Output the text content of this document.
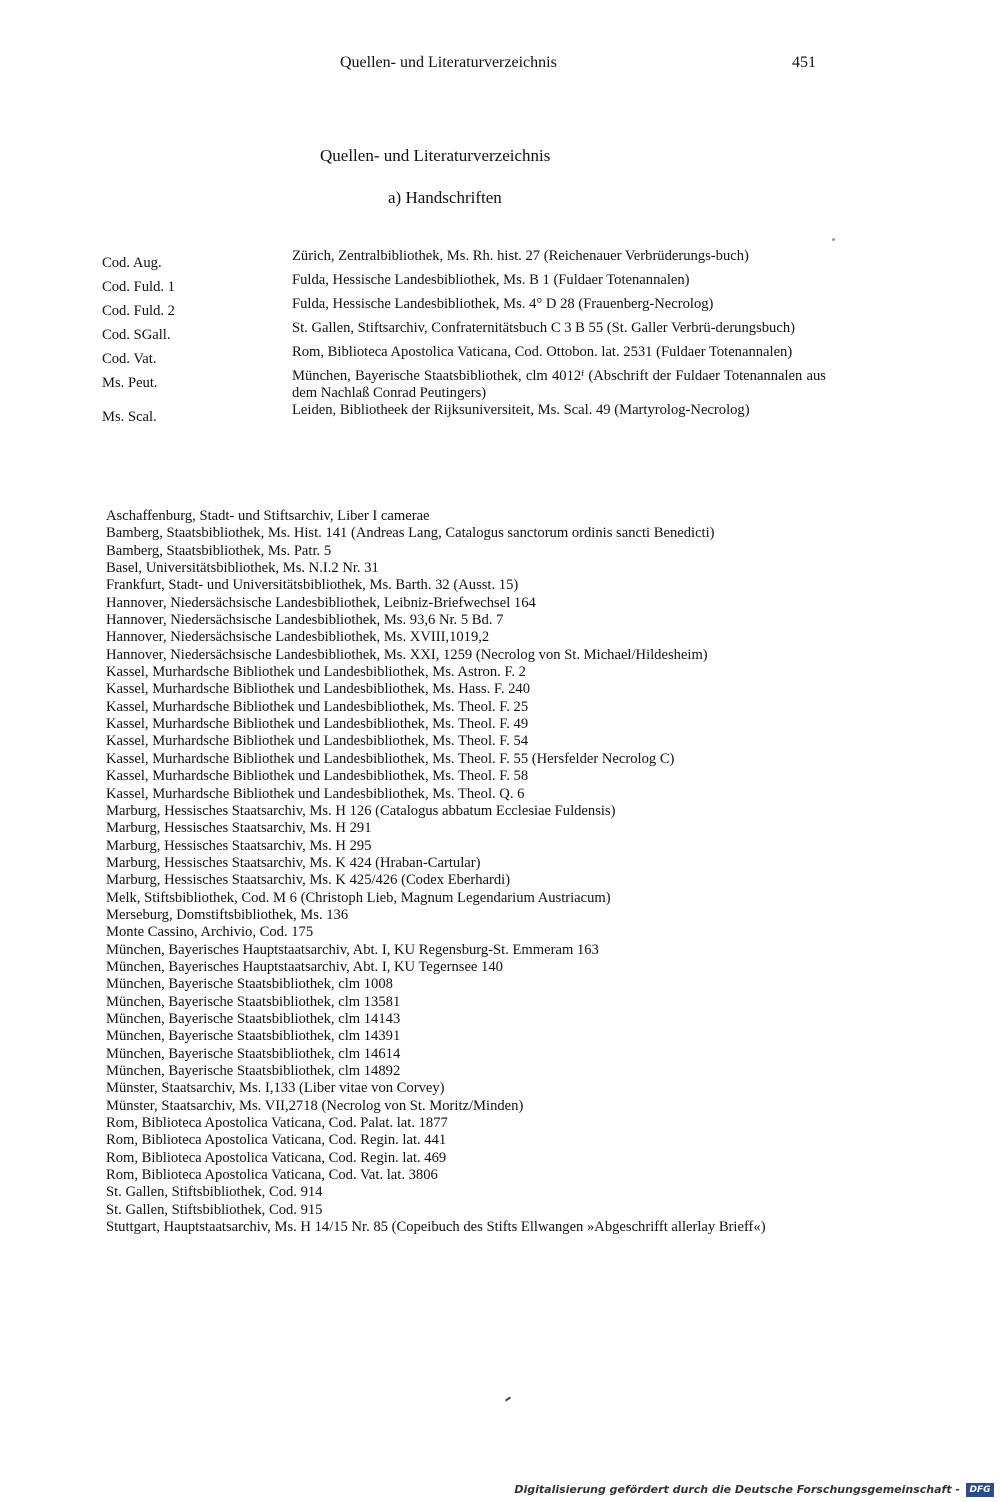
Quellen- und Literaturverzeichnis	451
Quellen- und Literaturverzeichnis
a) Handschriften
Cod. Aug.	Zürich, Zentralbibliothek, Ms. Rh. hist. 27 (Reichenauer Verbrüderungs-buch)
Cod. Fuld. 1	Fulda, Hessische Landesbibliothek, Ms. B 1 (Fuldaer Totenannalen)
Cod. Fuld. 2	Fulda, Hessische Landesbibliothek, Ms. 4° D 28 (Frauenberg-Necrolog)
Cod. SGall.	St. Gallen, Stiftsarchiv, Confraternitätsbuch C 3 B 55 (St. Galler Verbrü-derungsbuch)
Cod. Vat.	Rom, Biblioteca Apostolica Vaticana, Cod. Ottobon. lat. 2531 (Fuldaer Totenannalen)
Ms. Peut.	München, Bayerische Staatsbibliothek, clm 4012ᶠ (Abschrift der Fuldaer Totenannalen aus dem Nachlaß Conrad Peutingers)
Ms. Scal.	Leiden, Bibliotheek der Rijksuniversiteit, Ms. Scal. 49 (Martyrolog-Necrolog)
Aschaffenburg, Stadt- und Stiftsarchiv, Liber I camerae
Bamberg, Staatsbibliothek, Ms. Hist. 141 (Andreas Lang, Catalogus sanctorum ordinis sancti Benedicti)
Bamberg, Staatsbibliothek, Ms. Patr. 5
Basel, Universitätsbibliothek, Ms. N.I.2 Nr. 31
Frankfurt, Stadt- und Universitätsbibliothek, Ms. Barth. 32 (Ausst. 15)
Hannover, Niedersächsische Landesbibliothek, Leibniz-Briefwechsel 164
Hannover, Niedersächsische Landesbibliothek, Ms. 93,6 Nr. 5 Bd. 7
Hannover, Niedersächsische Landesbibliothek, Ms. XVIII,1019,2
Hannover, Niedersächsische Landesbibliothek, Ms. XXI, 1259 (Necrolog von St. Michael/Hildesheim)
Kassel, Murhardsche Bibliothek und Landesbibliothek, Ms. Astron. F. 2
Kassel, Murhardsche Bibliothek und Landesbibliothek, Ms. Hass. F. 240
Kassel, Murhardsche Bibliothek und Landesbibliothek, Ms. Theol. F. 25
Kassel, Murhardsche Bibliothek und Landesbibliothek, Ms. Theol. F. 49
Kassel, Murhardsche Bibliothek und Landesbibliothek, Ms. Theol. F. 54
Kassel, Murhardsche Bibliothek und Landesbibliothek, Ms. Theol. F. 55 (Hersfelder Necrolog C)
Kassel, Murhardsche Bibliothek und Landesbibliothek, Ms. Theol. F. 58
Kassel, Murhardsche Bibliothek und Landesbibliothek, Ms. Theol. Q. 6
Marburg, Hessisches Staatsarchiv, Ms. H 126 (Catalogus abbatum Ecclesiae Fuldensis)
Marburg, Hessisches Staatsarchiv, Ms. H 291
Marburg, Hessisches Staatsarchiv, Ms. H 295
Marburg, Hessisches Staatsarchiv, Ms. K 424 (Hraban-Cartular)
Marburg, Hessisches Staatsarchiv, Ms. K 425/426 (Codex Eberhardi)
Melk, Stiftsbibliothek, Cod. M 6 (Christoph Lieb, Magnum Legendarium Austriacum)
Merseburg, Domstiftsbibliothek, Ms. 136
Monte Cassino, Archivio, Cod. 175
München, Bayerisches Hauptstaatsarchiv, Abt. I, KU Regensburg-St. Emmeram 163
München, Bayerisches Hauptstaatsarchiv, Abt. I, KU Tegernsee 140
München, Bayerische Staatsbibliothek, clm 1008
München, Bayerische Staatsbibliothek, clm 13581
München, Bayerische Staatsbibliothek, clm 14143
München, Bayerische Staatsbibliothek, clm 14391
München, Bayerische Staatsbibliothek, clm 14614
München, Bayerische Staatsbibliothek, clm 14892
Münster, Staatsarchiv, Ms. I,133 (Liber vitae von Corvey)
Münster, Staatsarchiv, Ms. VII,2718 (Necrolog von St. Moritz/Minden)
Rom, Biblioteca Apostolica Vaticana, Cod. Palat. lat. 1877
Rom, Biblioteca Apostolica Vaticana, Cod. Regin. lat. 441
Rom, Biblioteca Apostolica Vaticana, Cod. Regin. lat. 469
Rom, Biblioteca Apostolica Vaticana, Cod. Vat. lat. 3806
St. Gallen, Stiftsbibliothek, Cod. 914
St. Gallen, Stiftsbibliothek, Cod. 915
Stuttgart, Hauptstaatsarchiv, Ms. H 14/15 Nr. 85 (Copeibuch des Stifts Ellwangen »Abgeschrifft allerlay Brieff«)
Digitalisierung gefördert durch die Deutsche Forschungsgemeinschaft -	DFG
